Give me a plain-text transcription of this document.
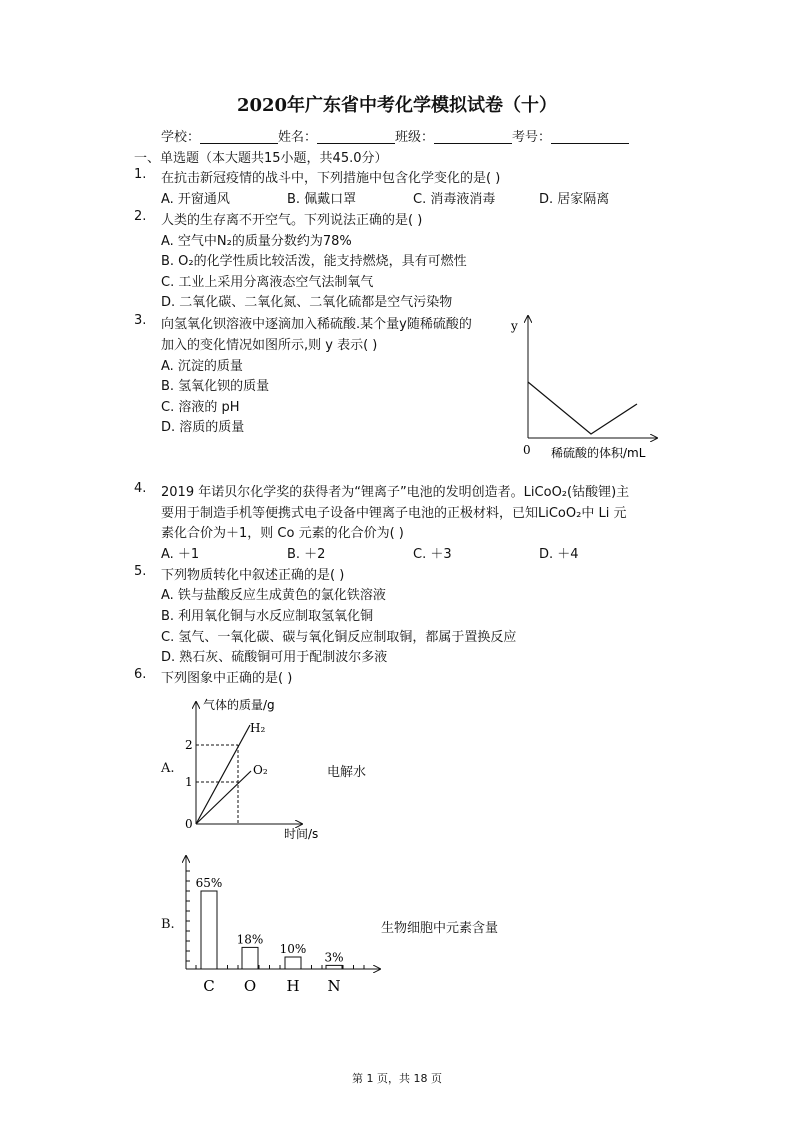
2020年广东省中考化学模拟试卷（十）
学校：	姓名：	班级：	考号：
一、单选题（本大题共15小题，共45.0分）
1. 在抗击新冠疫情的战斗中，下列措施中包含化学变化的是( )
A. 开窗通风	B. 佩戴口罩	C. 消毒液消毒	D. 居家隔离
2. 人类的生存离不开空气。下列说法正确的是( )
A. 空气中N₂的质量分数约为78%
B. O₂的化学性质比较活泼，能支持燃烧，具有可燃性
C. 工业上采用分离液态空气法制氧气
D. 二氧化碳、二氧化氮、二氧化硫都是空气污染物
3. 向氢氧化钡溶液中逐滴加入稀硫酸.某个量y随稀硫酸的
加入的变化情况如图所示,则 y 表示( )
A. 沉淀的质量
B. 氢氧化钡的质量
C. 溶液的 pH
D. 溶质的质量
y
0 稀硫酸的体积/mL
4. 2019 年诺贝尔化学奖的获得者为“锂离子”电池的发明创造者。LiCoO₂(钴酸锂)主
要用于制造手机等便携式电子设备中锂离子电池的正极材料，已知LiCoO₂中 Li 元
素化合价为＋1，则 Co 元素的化合价为( )
A. ＋1	B. ＋2	C. ＋3	D. ＋4
5. 下列物质转化中叙述正确的是( )
A. 铁与盐酸反应生成黄色的氯化铁溶液
B. 利用氧化铜与水反应制取氢氧化铜
C. 氢气、一氧化碳、碳与氧化铜反应制取铜，都属于置换反应
D. 熟石灰、硫酸铜可用于配制波尔多液
6. 下列图象中正确的是( )
A.
气体的质量/g
2
1
0
H₂
O₂
时间/s
电解水
B.
65%
C
18%
O
10%
H
3%
N
生物细胞中元素含量
第 1 页，共 18 页
